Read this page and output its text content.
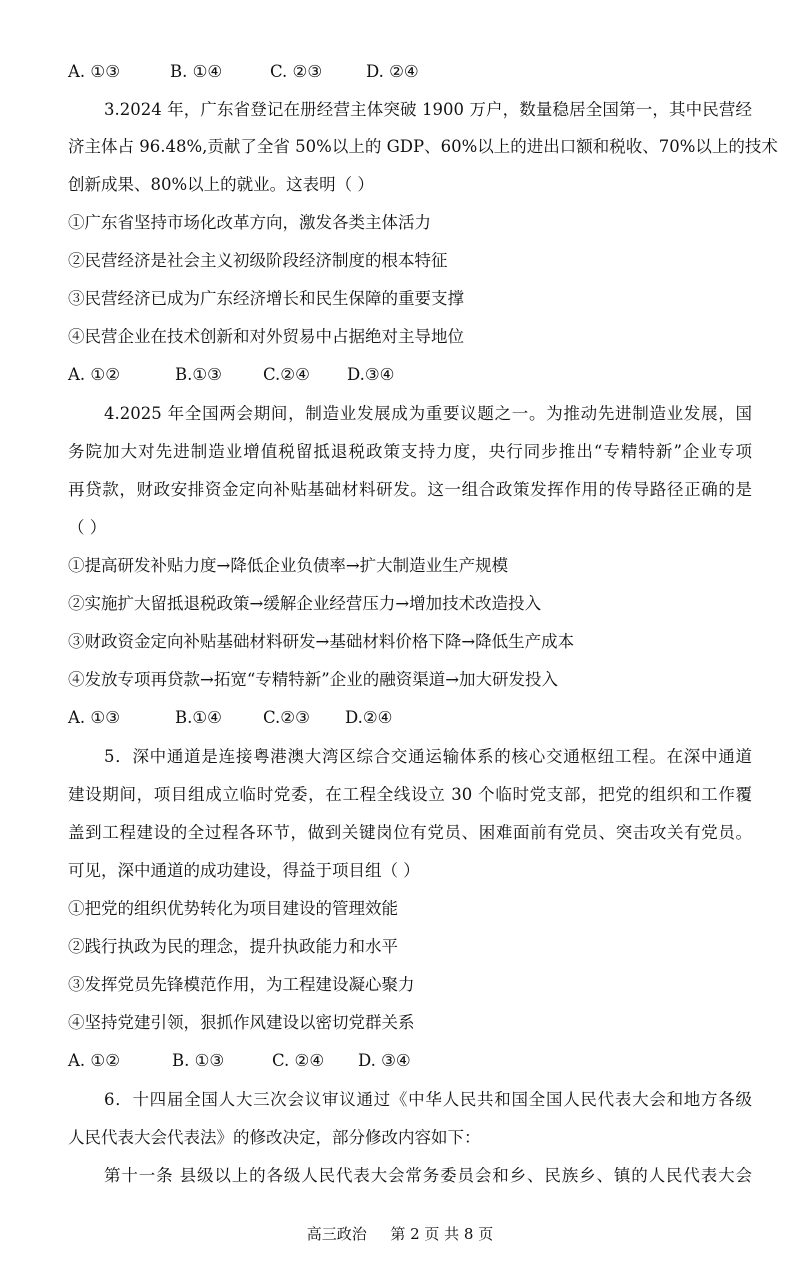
A. ①③	B. ①④	C. ②③	D. ②④
3.2024 年，广东省登记在册经营主体突破 1900 万户，数量稳居全国第一，其中民营经
济主体占 96.48%,贡献了全省 50%以上的 GDP、60%以上的进出口额和税收、70%以上的技术
创新成果、80%以上的就业。这表明（ ）
①广东省坚持市场化改革方向，激发各类主体活力
②民营经济是社会主义初级阶段经济制度的根本特征
③民营经济已成为广东经济增长和民生保障的重要支撑
④民营企业在技术创新和对外贸易中占据绝对主导地位
A. ①②	B.①③ C.②④ D.③④
4.2025 年全国两会期间，制造业发展成为重要议题之一。为推动先进制造业发展，国
务院加大对先进制造业增值税留抵退税政策支持力度，央行同步推出“专精特新”企业专项
再贷款，财政安排资金定向补贴基础材料研发。这一组合政策发挥作用的传导路径正确的是
（ ）
①提高研发补贴力度→降低企业负债率→扩大制造业生产规模
②实施扩大留抵退税政策→缓解企业经营压力→增加技术改造投入
③财政资金定向补贴基础材料研发→基础材料价格下降→降低生产成本
④发放专项再贷款→拓宽“专精特新”企业的融资渠道→加大研发投入
A. ①③	B.①④ C.②③ D.②④
5．深中通道是连接粤港澳大湾区综合交通运输体系的核心交通枢纽工程。在深中通道
建设期间，项目组成立临时党委，在工程全线设立 30 个临时党支部，把党的组织和工作覆
盖到工程建设的全过程各环节，做到关键岗位有党员、困难面前有党员、突击攻关有党员。
可见，深中通道的成功建设，得益于项目组（ ）
①把党的组织优势转化为项目建设的管理效能
②践行执政为民的理念，提升执政能力和水平
③发挥党员先锋模范作用，为工程建设凝心聚力
④坚持党建引领，狠抓作风建设以密切党群关系
A. ①②	B. ①③	C. ②④ D. ③④
6．十四届全国人大三次会议审议通过《中华人民共和国全国人民代表大会和地方各级
人民代表大会代表法》的修改决定，部分修改内容如下：
第十一条 县级以上的各级人民代表大会常务委员会和乡、民族乡、镇的人民代表大会
高三政治 第 2 页 共 8 页
